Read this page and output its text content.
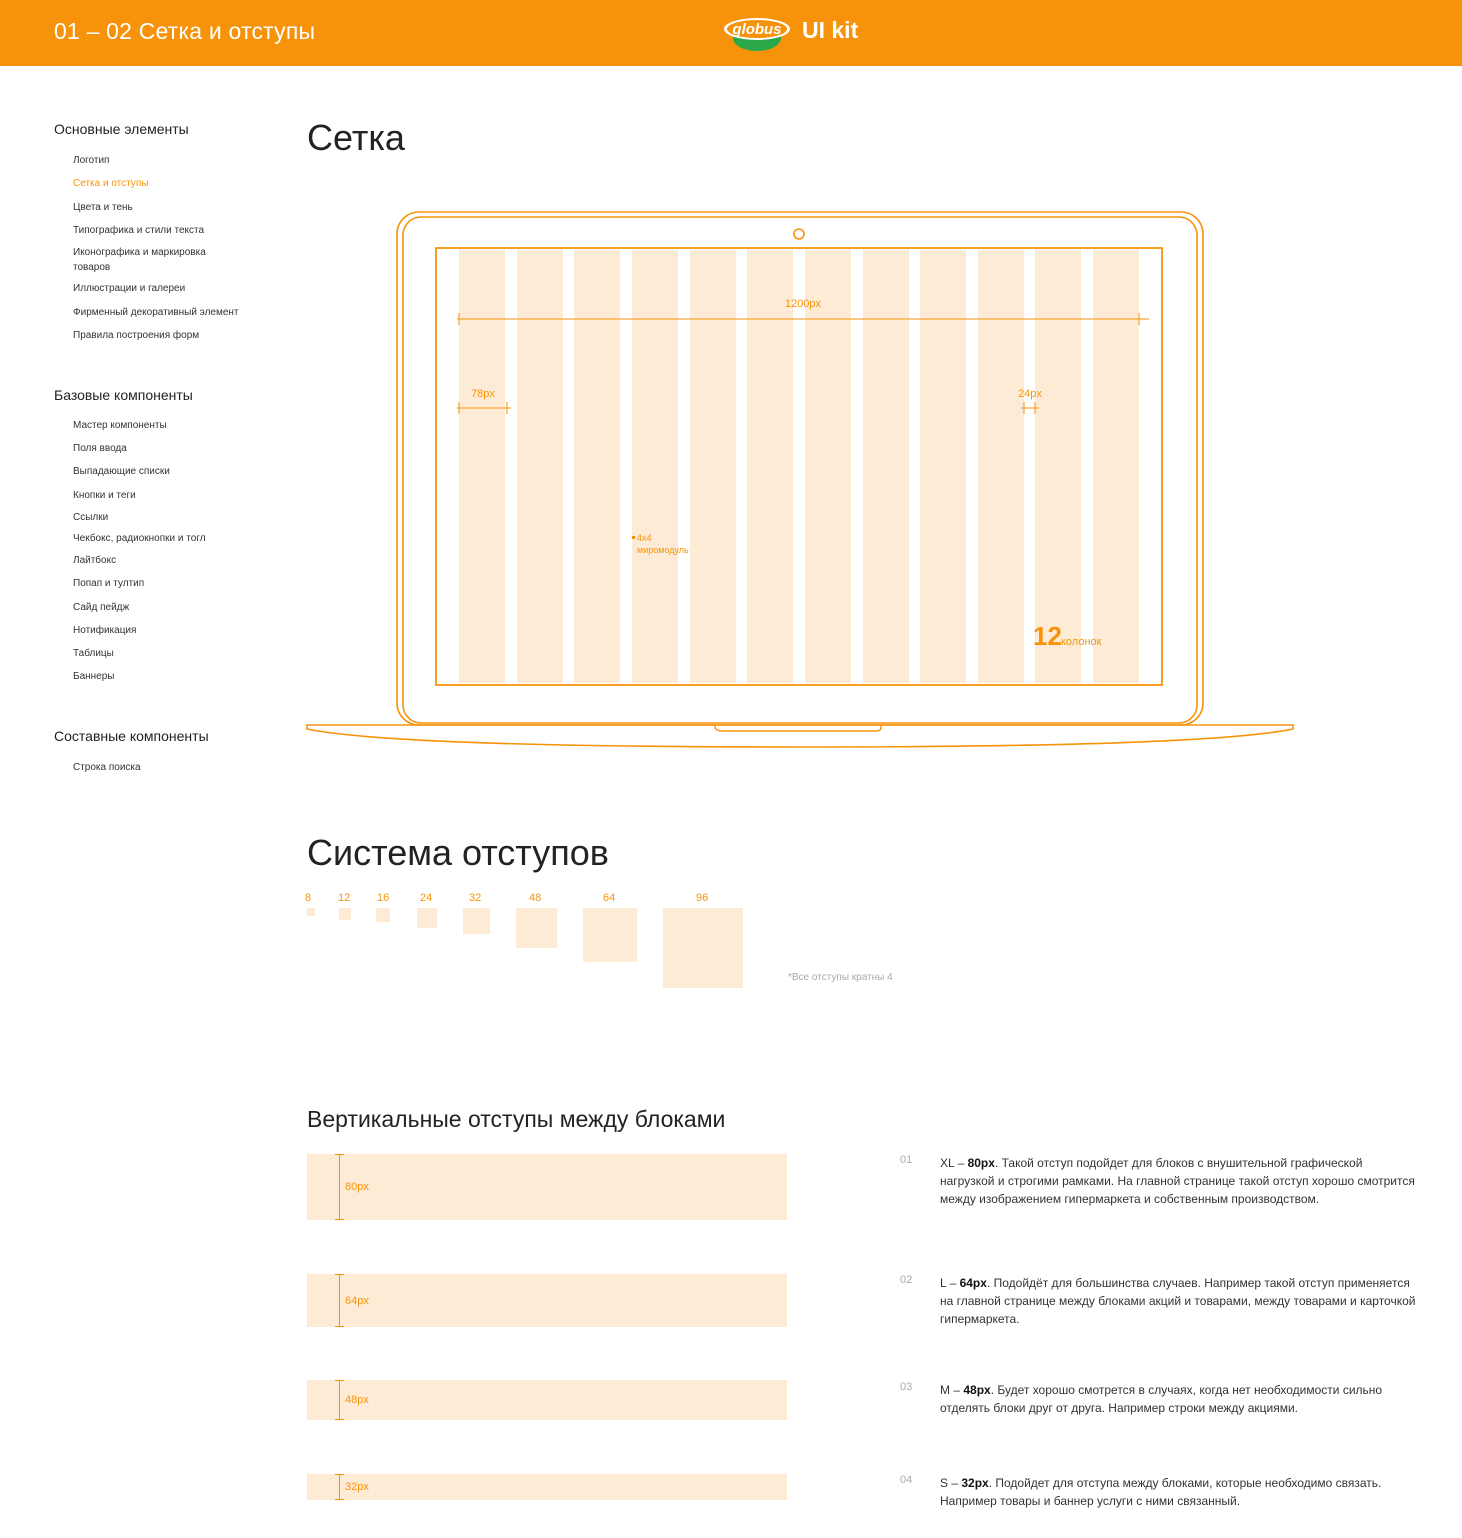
01 – 02 Сетка и отступы	globus UI kit
Основные элементы
Логотип
Сетка и отступы
Цвета и тень
Типографика и стили текста
Иконографика и маркировка товаров
Иллюстрации и галереи
Фирменный декоративный элемент
Правила построения форм
Базовые компоненты
Мастер компоненты
Поля ввода
Выпадающие списки
Кнопки и теги
Ссылки
Чекбокс, радиокнопки и тогл
Лайтбокс
Попап и тултип
Сайд пейдж
Нотификация
Таблицы
Баннеры
Составные компоненты
Строка поиска
Сетка
1200px
78px	24px
4x4
миромодуль
12 колонок
Система отступов
8 12 16	24	32	48	64	96
*Все отступы кратны 4
Вертикальные отступы между блоками
80px
64px
48px
32px
01 XL – 80px. Такой отступ подойдет для блоков с внушительной графической нагрузкой и строгими рамками. На главной странице такой отступ хорошо смотрится между изображением гипермаркета и собственным производством.
02 L – 64px. Подойдёт для большинства случаев. Например такой отступ применяется на главной странице между блоками акций и товарами, между товарами и карточкой гипермаркета.
03 M – 48px. Будет хорошо смотрется в случаях, когда нет необходимости сильно отделять блоки друг от друга. Например строки между акциями.
04 S – 32px. Подойдет для отступа между блоками, которые необходимо связать. Например товары и баннер услуги с ними связанный.
